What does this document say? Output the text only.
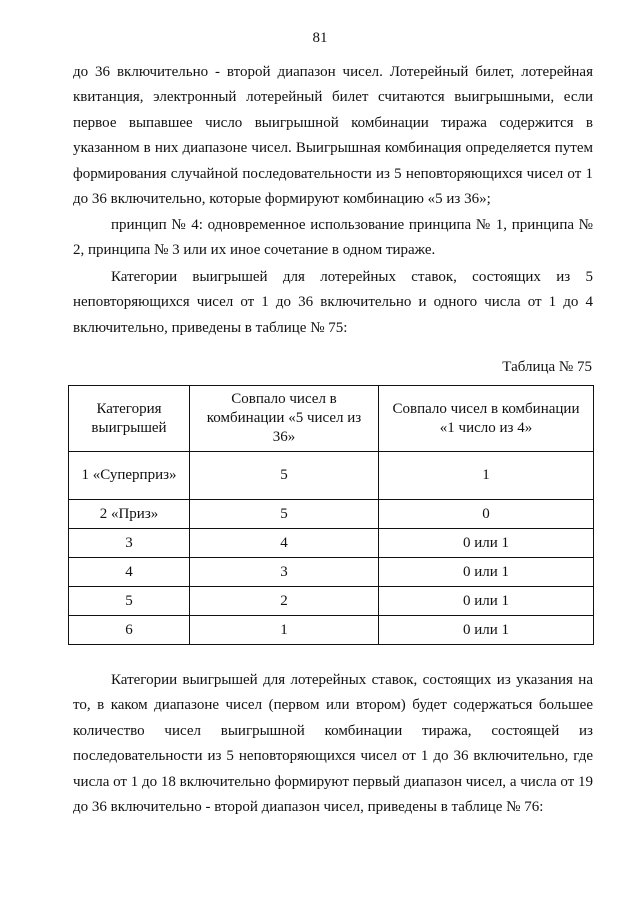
81

до 36 включительно - второй диапазон чисел. Лотерейный билет, лотерейная квитанция, электронный лотерейный билет считаются выигрышными, если первое выпавшее число выигрышной комбинации тиража содержится в указанном в них диапазоне чисел. Выигрышная комбинация определяется путем формирования случайной последовательности из 5 неповторяющихся чисел от 1 до 36 включительно, которые формируют комбинацию «5 из 36»;

принцип № 4: одновременное использование принципа № 1, принципа № 2, принципа № 3 или их иное сочетание в одном тираже.

Категории выигрышей для лотерейных ставок, состоящих из 5 неповторяющихся чисел от 1 до 36 включительно и одного числа от 1 до 4 включительно, приведены в таблице № 75:

Таблица № 75
Категория выигрышей	Совпало чисел в комбинации «5 чисел из 36»	Совпало чисел в комбинации «1 число из 4»
1 «Суперприз»	5	1
2 «Приз»	5	0
3	4	0 или 1
4	3	0 или 1
5	2	0 или 1
6	1	0 или 1

Категории выигрышей для лотерейных ставок, состоящих из указания на то, в каком диапазоне чисел (первом или втором) будет содержаться большее количество чисел выигрышной комбинации тиража, состоящей из последовательности из 5 неповторяющихся чисел от 1 до 36 включительно, где числа от 1 до 18 включительно формируют первый диапазон чисел, а числа от 19 до 36 включительно - второй диапазон чисел, приведены в таблице № 76:
